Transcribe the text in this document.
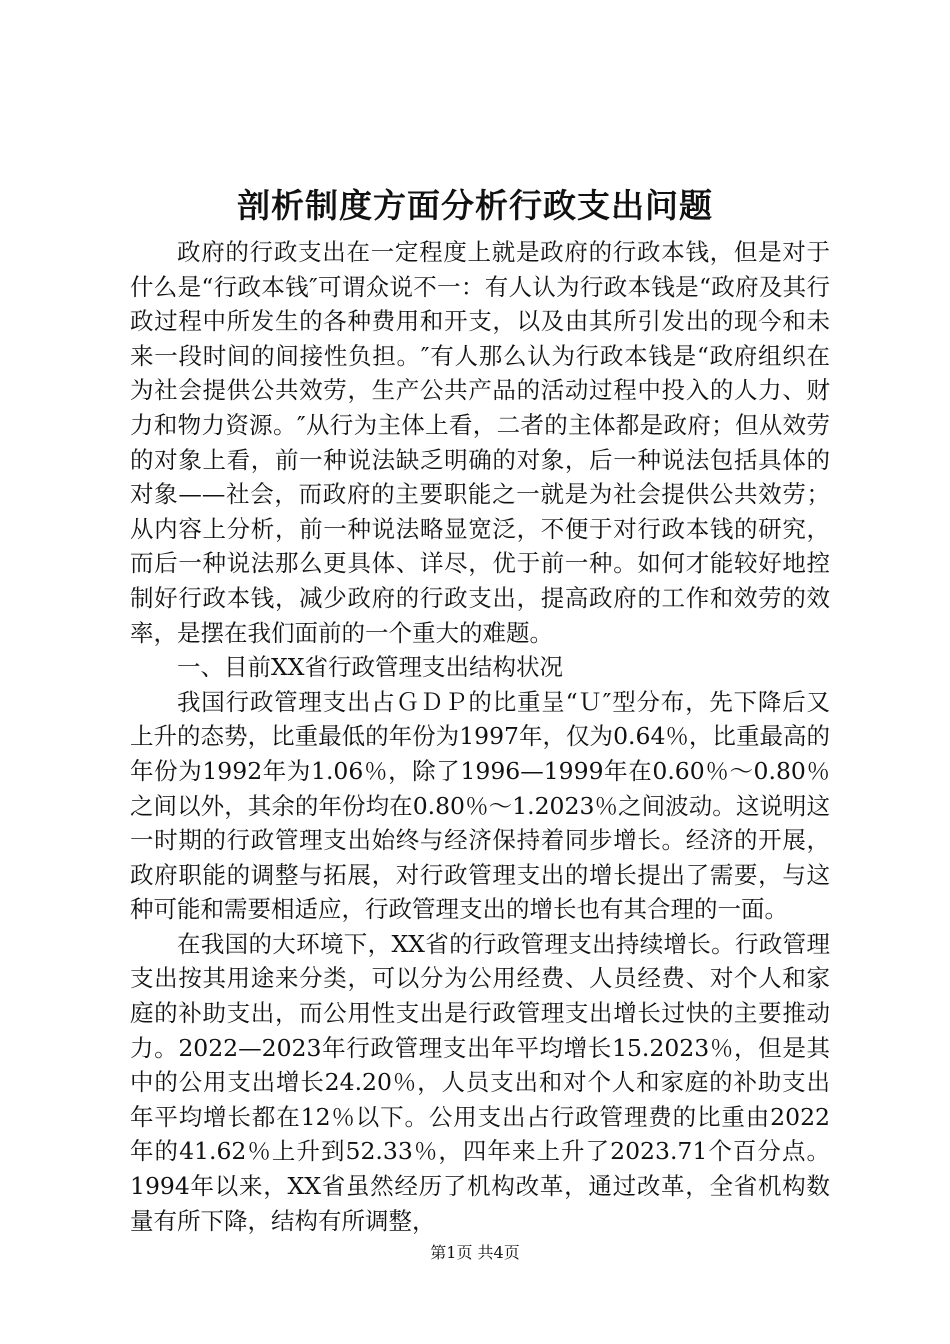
剖析制度方面分析行政支出问题

政府的行政支出在一定程度上就是政府的行政本钱，但是对于什么是“行政本钱″可谓众说不一：有人认为行政本钱是“政府及其行政过程中所发生的各种费用和开支，以及由其所引发出的现今和未来一段时间的间接性负担。″有人那么认为行政本钱是“政府组织在为社会提供公共效劳，生产公共产品的活动过程中投入的人力、财力和物力资源。″从行为主体上看，二者的主体都是政府；但从效劳的对象上看，前一种说法缺乏明确的对象，后一种说法包括具体的对象——社会，而政府的主要职能之一就是为社会提供公共效劳；从内容上分析，前一种说法略显宽泛，不便于对行政本钱的研究，而后一种说法那么更具体、详尽，优于前一种。如何才能较好地控制好行政本钱，减少政府的行政支出，提高政府的工作和效劳的效率，是摆在我们面前的一个重大的难题。

一、目前XX省行政管理支出结构状况

我国行政管理支出占ＧＤＰ的比重呈“Ｕ″型分布，先下降后又上升的态势，比重最低的年份为1997年，仅为0.64％，比重最高的年份为1992年为1.06％，除了1996—1999年在0.60％～0.80％之间以外，其余的年份均在0.80％～1.2023％之间波动。这说明这一时期的行政管理支出始终与经济保持着同步增长。经济的开展，政府职能的调整与拓展，对行政管理支出的增长提出了需要，与这种可能和需要相适应，行政管理支出的增长也有其合理的一面。

在我国的大环境下，XX省的行政管理支出持续增长。行政管理支出按其用途来分类，可以分为公用经费、人员经费、对个人和家庭的补助支出，而公用性支出是行政管理支出增长过快的主要推动力。2022—2023年行政管理支出年平均增长15.2023％，但是其中的公用支出增长24.20％，人员支出和对个人和家庭的补助支出年平均增长都在12％以下。公用支出占行政管理费的比重由2022年的41.62％上升到52.33％，四年来上升了2023.71个百分点。1994年以来，XX省虽然经历了机构改革，通过改革，全省机构数量有所下降，结构有所调整，

第1页 共4页
